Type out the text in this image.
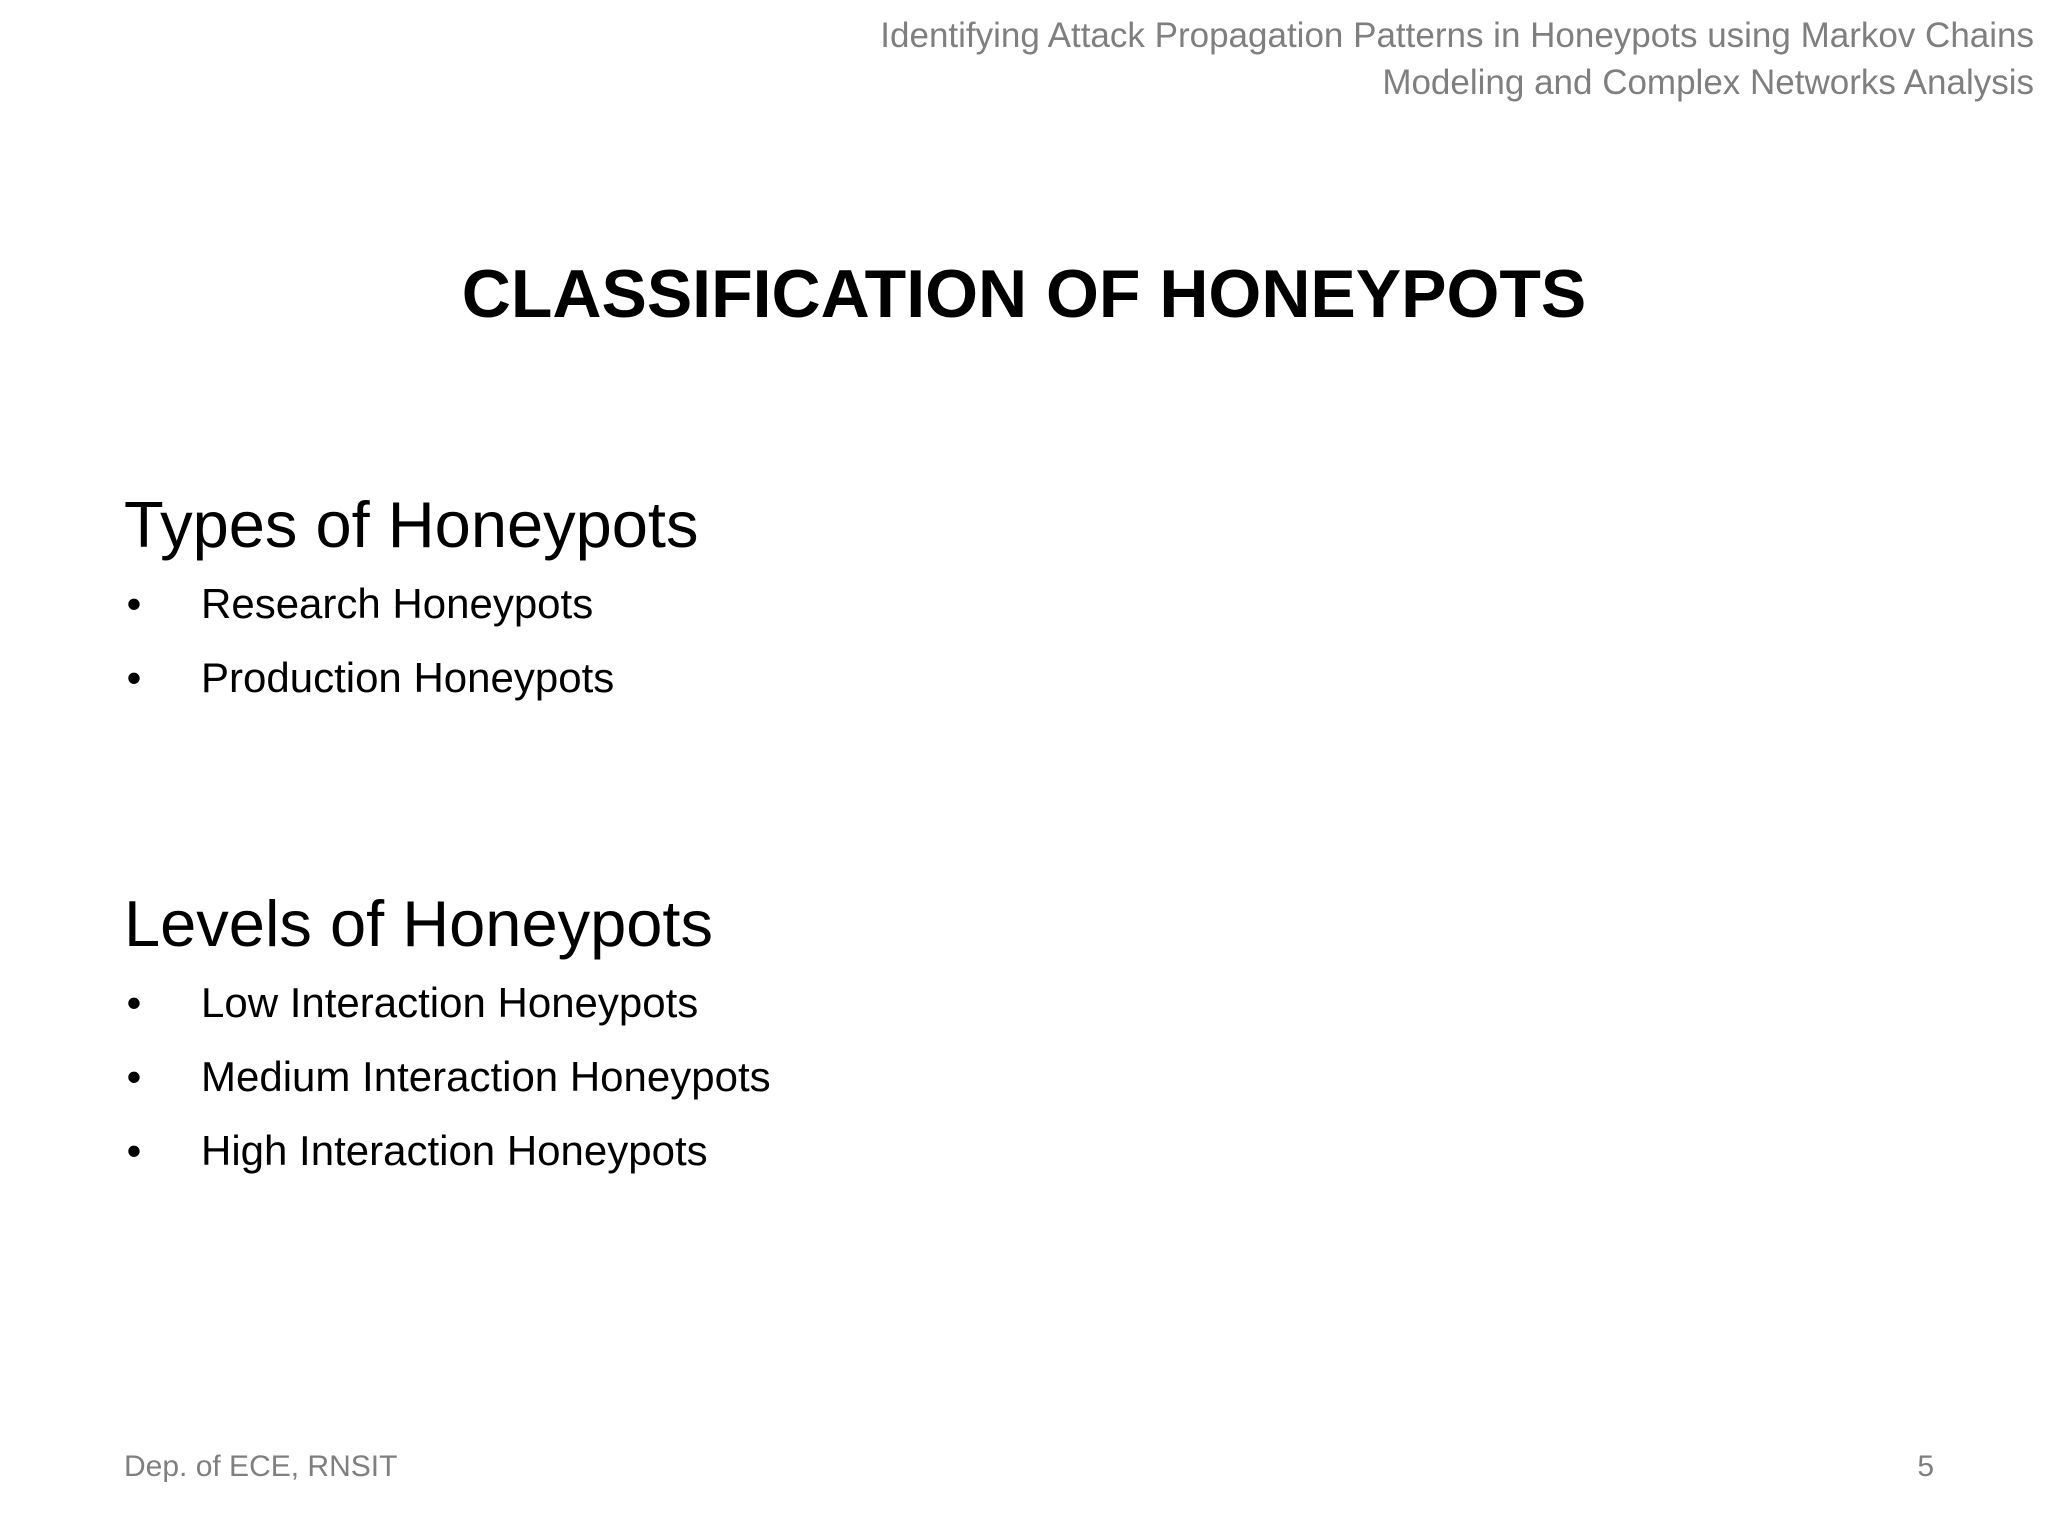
Identifying Attack Propagation Patterns in Honeypots using Markov Chains
Modeling and Complex Networks Analysis
CLASSIFICATION OF HONEYPOTS
Types of Honeypots
• Research Honeypots
• Production Honeypots
Levels of Honeypots
• Low Interaction Honeypots
• Medium Interaction Honeypots
• High Interaction Honeypots
Dep. of ECE, RNSIT	5
